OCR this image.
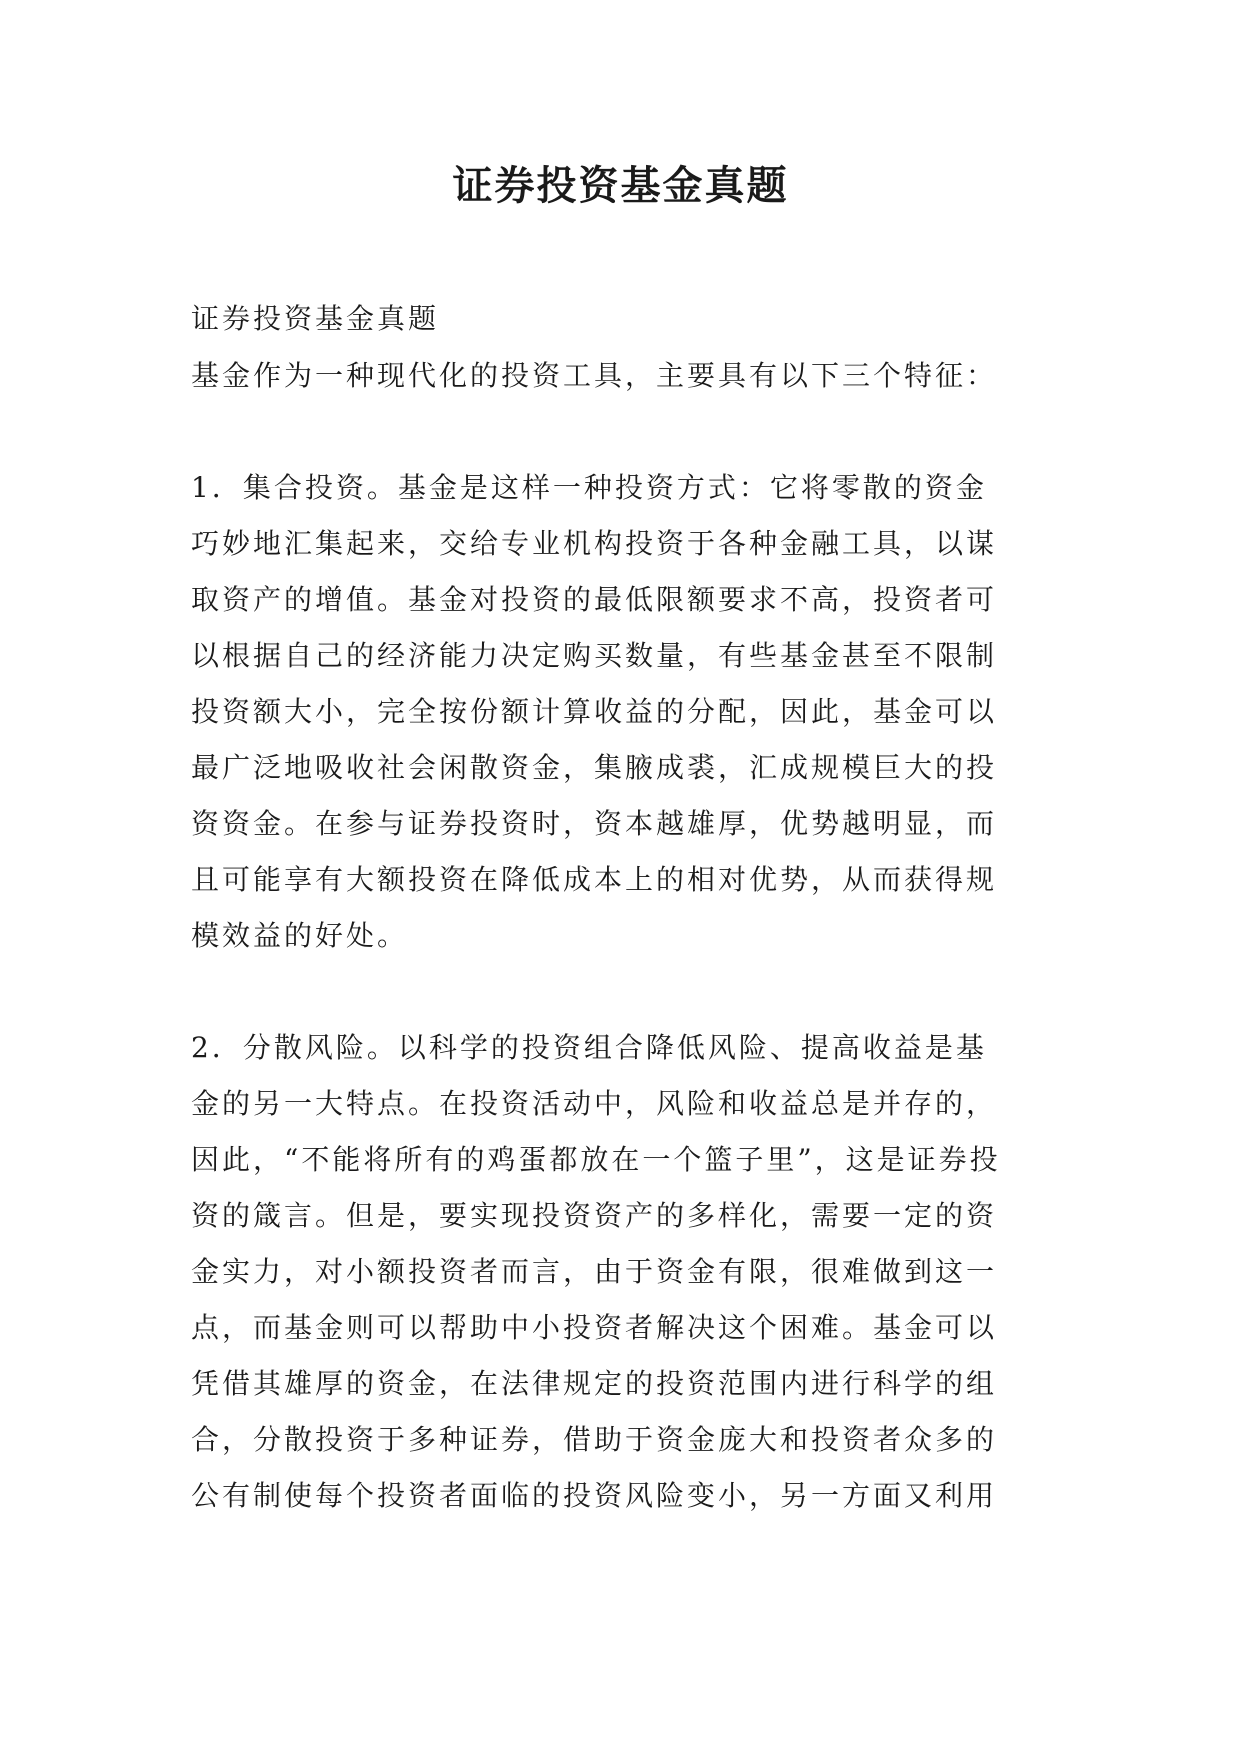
证券投资基金真题
证券投资基金真题
基金作为一种现代化的投资工具，主要具有以下三个特征：
1．集合投资。基金是这样一种投资方式：它将零散的资金
巧妙地汇集起来，交给专业机构投资于各种金融工具，以谋
取资产的增值。基金对投资的最低限额要求不高，投资者可
以根据自己的经济能力决定购买数量，有些基金甚至不限制
投资额大小，完全按份额计算收益的分配，因此，基金可以
最广泛地吸收社会闲散资金，集腋成裘，汇成规模巨大的投
资资金。在参与证券投资时，资本越雄厚，优势越明显，而
且可能享有大额投资在降低成本上的相对优势，从而获得规
模效益的好处。
2．分散风险。以科学的投资组合降低风险、提高收益是基
金的另一大特点。在投资活动中，风险和收益总是并存的，
因此，“不能将所有的鸡蛋都放在一个篮子里”，这是证券投
资的箴言。但是，要实现投资资产的多样化，需要一定的资
金实力，对小额投资者而言，由于资金有限，很难做到这一
点，而基金则可以帮助中小投资者解决这个困难。基金可以
凭借其雄厚的资金，在法律规定的投资范围内进行科学的组
合，分散投资于多种证券，借助于资金庞大和投资者众多的
公有制使每个投资者面临的投资风险变小，另一方面又利用
